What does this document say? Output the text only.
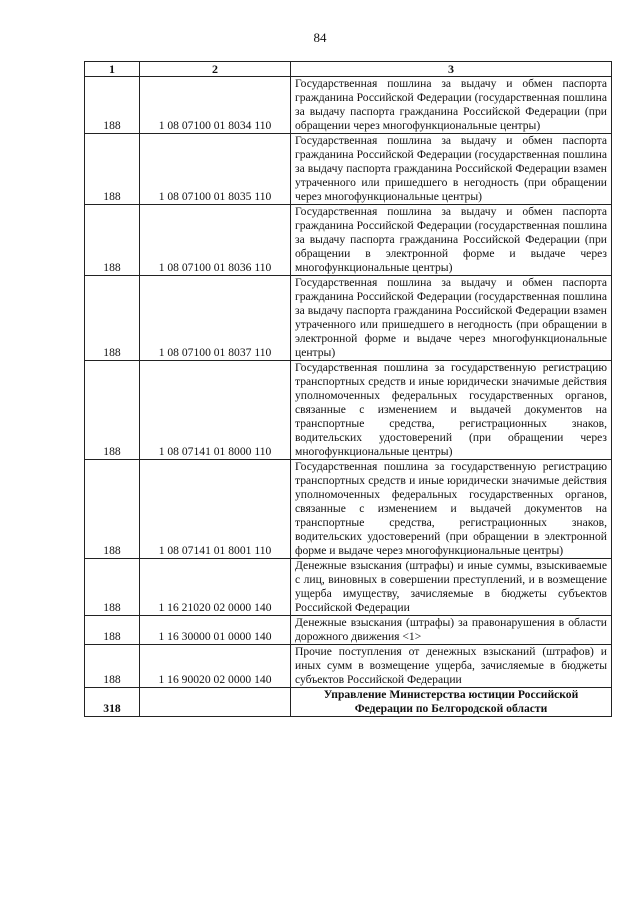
84
1	2	3
188	1 08 07100 01 8034 110	Государственная пошлина за выдачу и обмен паспорта гражданина Российской Федерации (государственная пошлина за выдачу паспорта гражданина Российской Федерации (при обращении через многофункциональные центры)
188	1 08 07100 01 8035 110	Государственная пошлина за выдачу и обмен паспорта гражданина Российской Федерации (государственная пошлина за выдачу паспорта гражданина Российской Федерации взамен утраченного или пришедшего в негодность (при обращении через многофункциональные центры)
188	1 08 07100 01 8036 110	Государственная пошлина за выдачу и обмен паспорта гражданина Российской Федерации (государственная пошлина за выдачу паспорта гражданина Российской Федерации (при обращении в электронной форме и выдаче через многофункциональные центры)
188	1 08 07100 01 8037 110	Государственная пошлина за выдачу и обмен паспорта гражданина Российской Федерации (государственная пошлина за выдачу паспорта гражданина Российской Федерации взамен утраченного или пришедшего в негодность (при обращении в электронной форме и выдаче через многофункциональные центры)
188	1 08 07141 01 8000 110	Государственная пошлина за государственную регистрацию транспортных средств и иные юридически значимые действия уполномоченных федеральных государственных органов, связанные с изменением и выдачей документов на транспортные средства, регистрационных знаков, водительских удостоверений (при обращении через многофункциональные центры)
188	1 08 07141 01 8001 110	Государственная пошлина за государственную регистрацию транспортных средств и иные юридически значимые действия уполномоченных федеральных государственных органов, связанные с изменением и выдачей документов на транспортные средства, регистрационных знаков, водительских удостоверений (при обращении в электронной форме и выдаче через многофункциональные центры)
188	1 16 21020 02 0000 140	Денежные взыскания (штрафы) и иные суммы, взыскиваемые с лиц, виновных в совершении преступлений, и в возмещение ущерба имуществу, зачисляемые в бюджеты субъектов Российской Федерации
188	1 16 30000 01 0000 140	Денежные взыскания (штрафы) за правонарушения в области дорожного движения <1>
188	1 16 90020 02 0000 140	Прочие поступления от денежных взысканий (штрафов) и иных сумм в возмещение ущерба, зачисляемые в бюджеты субъектов Российской Федерации
318		Управление Министерства юстиции Российской Федерации по Белгородской области
